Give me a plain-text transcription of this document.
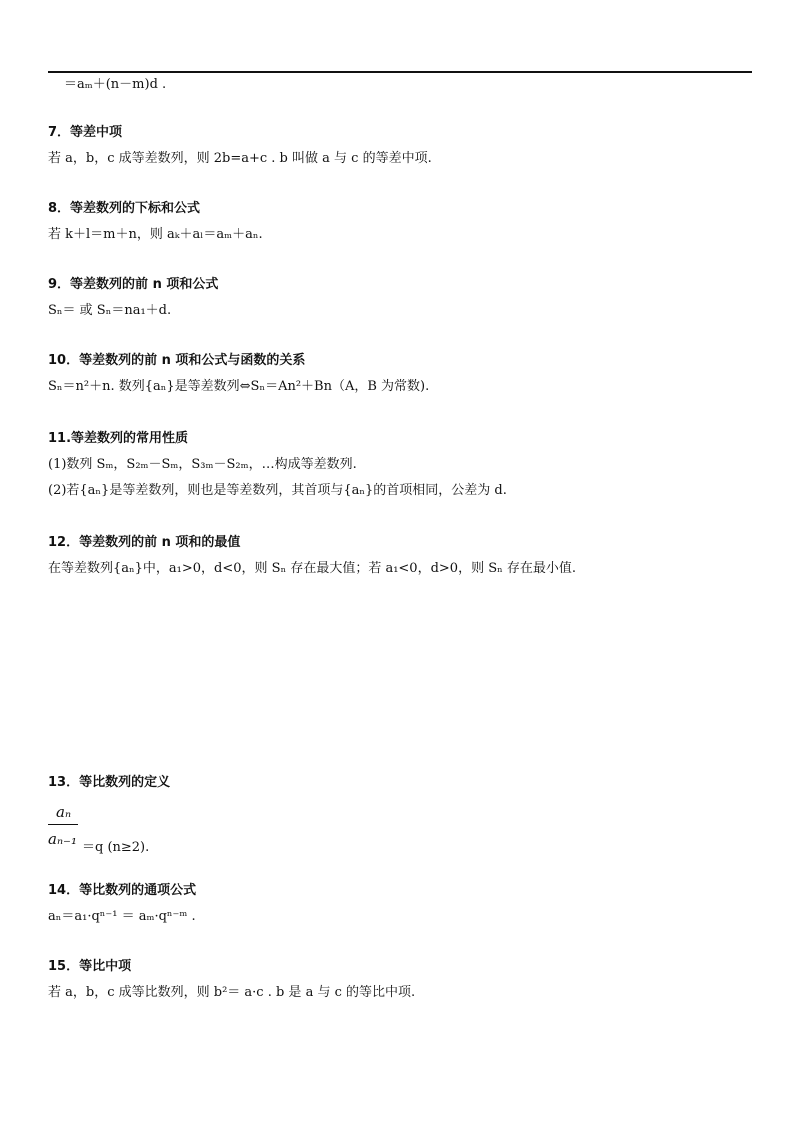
＝aₘ＋(n－m)d .
7．等差中项
若 a，b，c 成等差数列，则 2b=a+c . b 叫做 a 与 c 的等差中项.
8．等差数列的下标和公式
若 k＋l＝m＋n，则 aₖ＋aₗ＝aₘ＋aₙ.
9．等差数列的前 n 项和公式
Sₙ＝ 或 Sₙ＝na₁＋d.
10．等差数列的前 n 项和公式与函数的关系
Sₙ＝n²＋n. 数列{aₙ}是等差数列⇔Sₙ＝An²＋Bn（A，B 为常数).
11.等差数列的常用性质
(1)数列 Sₘ，S₂ₘ－Sₘ，S₃ₘ－S₂ₘ，…构成等差数列.
(2)若{aₙ}是等差数列，则也是等差数列，其首项与{aₙ}的首项相同，公差为 d.
12．等差数列的前 n 项和的最值
在等差数列{aₙ}中，a₁>0，d<0，则 Sₙ 存在最大值；若 a₁<0，d>0，则 Sₙ 存在最小值.
13．等比数列的定义
aₙ
aₙ₋₁ ＝q (n≥2).
14．等比数列的通项公式
aₙ＝a₁·qⁿ⁻¹ ＝ aₘ·qⁿ⁻ᵐ .
15．等比中项
若 a，b，c 成等比数列，则 b²＝ a·c . b 是 a 与 c 的等比中项.
